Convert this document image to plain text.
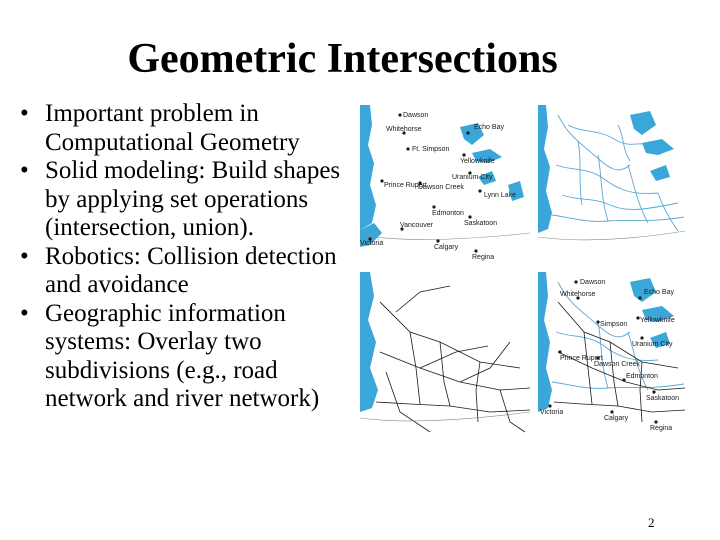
Geometric Intersections
• Important problem in Computational Geometry
• Solid modeling: Build shapes by applying set operations (intersection, union).
• Robotics: Collision detection and avoidance
• Geographic information systems: Overlay two subdivisions (e.g., road network and river network)
Dawson
Whitehorse	Echo Bay
Ft. Simpson
Yellowknife
Uranium City
Prince Rupert
Dawson Creek
Lynn Lake
Edmonton
Saskatoon
Vancouver
Calgary
Regina
Victoria
Dawson
Whitehorse	Echo Bay
Simpson
Yellowknife
Uranium City
Prince Rupert
Dawson Creek
Edmonton
Saskatoon
Victoria
Calgary
Regina
2
